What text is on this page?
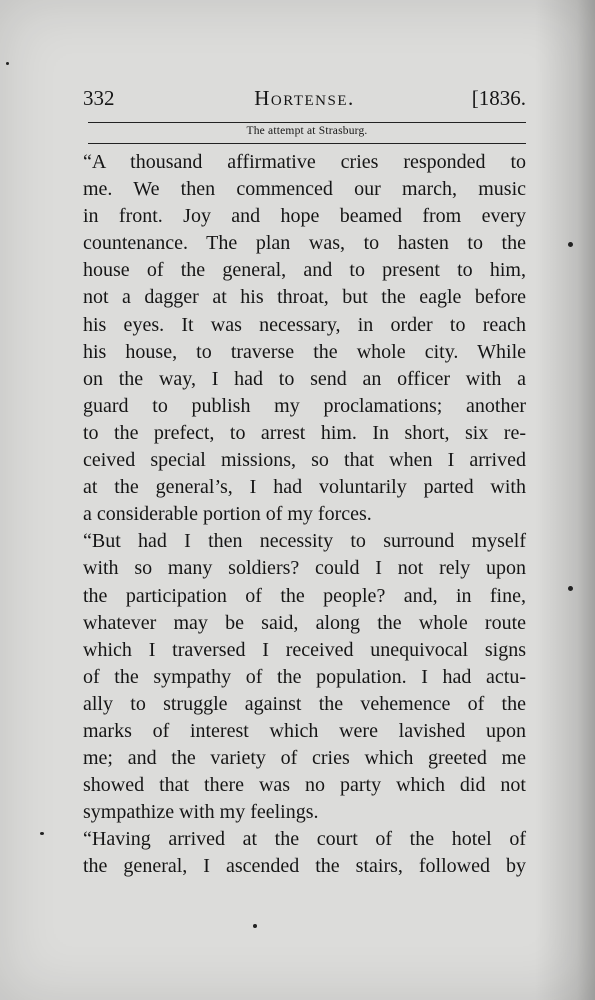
332	Hortense.	[1836.
The attempt at Strasburg.
“A thousand affirmative cries responded to
me. We then commenced our march, music
in front. Joy and hope beamed from every
countenance. The plan was, to hasten to the
house of the general, and to present to him,
not a dagger at his throat, but the eagle before
his eyes. It was necessary, in order to reach
his house, to traverse the whole city. While
on the way, I had to send an officer with a
guard to publish my proclamations; another
to the prefect, to arrest him. In short, six re-
ceived special missions, so that when I arrived
at the general’s, I had voluntarily parted with
a considerable portion of my forces.
“But had I then necessity to surround myself
with so many soldiers? could I not rely upon
the participation of the people? and, in fine,
whatever may be said, along the whole route
which I traversed I received unequivocal signs
of the sympathy of the population. I had actu-
ally to struggle against the vehemence of the
marks of interest which were lavished upon
me; and the variety of cries which greeted me
showed that there was no party which did not
sympathize with my feelings.
“Having arrived at the court of the hotel of
the general, I ascended the stairs, followed by
